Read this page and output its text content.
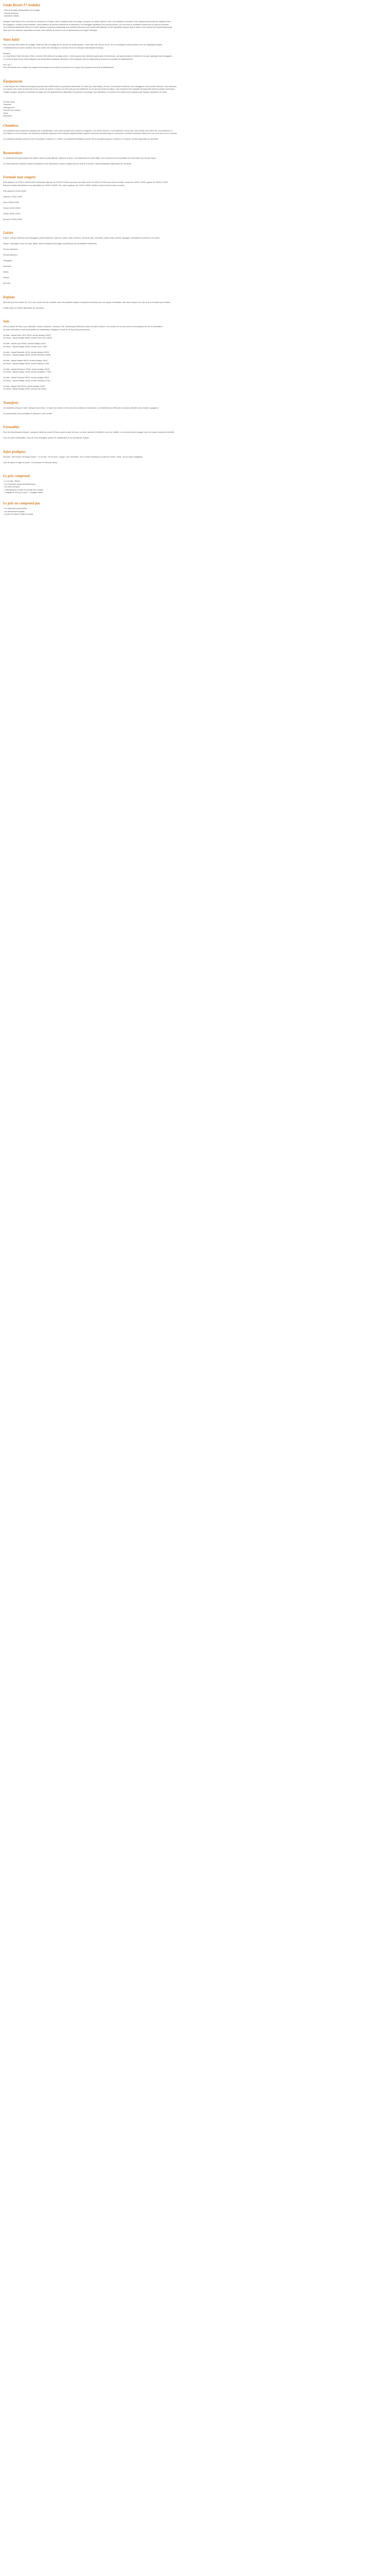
Linda Resort 5* Andalya
- Pied de la plage (débarcadère) sur la plage
- Piscine intérieure
- Animation enfants
Andalya Linda Resort est un bel hôtel de vacances en Turquie, situé à quelques pas de la plage. Il propose de vastes espaces verts, une ambiance conviviale et des équipements modernes adaptés à tous
les voyageurs, couples comme familles. Vous profiterez de piscines extérieures et intérieures, d'un toboggan aquatique pour les plus jeunes, d'un mini club et d'activités variées tout au long de la journée.
Les chambres spacieuses offrent un confort optimal et plusieurs restaurants vous invitent à découvrir une cuisine internationale et des spécialités turques dans le cadre d'une formule tout compris généreuse.
Idéal pour des vacances reposantes au soleil, entre détente au bord de l'eau et découvertes de la région d'Antalya.
Votre hôtel
Situé à environ 800 mètres de la plage, l'hôtel est relié à la plage par un service de navette gratuit. L'hôtel offre une vue sur la mer, sur les montagnes environnantes et sur de magnifiques jardins.
L'établissement se trouve à environ 18 km du centre-ville d'Antalya et à environ 40 km de l'aéroport international d'Antalya.
Situation
Le Linda Resort Hotel est situé à Side, à environ 350 mètres de la plage privée. L'hôtel propose des chambres spacieuses et lumineuses, une grande piscine extérieure et un parc aquatique avec toboggans.
Le centre de Side et ses ruines antiques sont accessibles à quelques kilomètres. Des boutiques, bars et restaurants se trouvent à proximité de l'établissement.
Pour qui ?
Pour les familles avec enfants, les couples et les amateurs de soleil à la recherche d'un séjour tout compris au bord de la Méditerranée.
Équipements
L'hôtel dispose d'un restaurant principal proposant des buffets variés, de plusieurs restaurants à la carte (sur réservation), de bars, d'une piscine extérieure avec toboggans, d'une piscine intérieure, d'un hammam,
d'un sauna, d'un centre de bien-être et d'un centre de remise en forme. Un mini club pour les enfants de 4 à 12 ans est ouvert en saison. Une connexion Wi-Fi gratuite est disponible dans les parties communes.
Chaises longues, parasols et serviettes de plage sont mis gratuitement à disposition à la piscine et à la plage. Des animations en journée et en soirée sont proposées par l'équipe d'animation de l'hôtel.
Vol aller-retour
Transferts
Hébergement
Formule tout compris
Taxes
Assistance
Chambres
Les chambres sont modernes et équipées de la climatisation, d'une salle de bains avec douche ou baignoire, d'un sèche-cheveux, d'une télévision à écran plat, d'un minibar, d'un coffre-fort, d'un téléphone et
d'un balcon ou d'une terrasse. Les chambres familiales disposent d'une chambre supplémentaire séparée et peuvent accueillir jusqu'à 4 personnes. Certaines chambres offrent une vue sur la mer ou sur la piscine.
Les chambres standard d'environ 28 m² accueillent 2 adultes et 1 enfant. Les chambres familiales d'environ 38 m² accueillent jusqu'à 2 adultes et 2 enfants. Lit bébé disponible sur demande.
Restauration
Le restaurant principal propose des buffets variés au petit-déjeuner, déjeuner et dîner. Les restaurants à la carte italien, turc et poisson sont accessibles sur réservation une fois par séjour.
Les bars proposent boissons locales alcoolisées et non alcoolisées, snacks et glaces tout au long de la journée. Repas diététiques disponibles sur demande.
Formule tout compris
Petit-déjeuner de 07h00 à 10h00 buffet continental, déjeuner de 12h30 à 14h00 sous forme de buffet, dîner de 19h00 à 21h30 sous forme de buffet, snacks de 11h00 à 16h00, glaces de 15h00 à 17h00.
Boissons locales alcoolisées et non alcoolisées de 10h00 à 24h00. Thé, café et gâteaux de 17h00 à 18h00. Minibar rempli à l'arrivée (eau et sodas).
Petit-déjeuner 07h00-10h00
Déjeuner 12h30-14h00
Dîner 19h00-21h30
Snacks 11h00-16h00
Glaces 15h00-17h00
Boissons 10h00-24h00
Loisirs
Gratuit : piscine extérieure avec toboggans, piscine intérieure, bain turc, sauna, salle de fitness, tennis de table, fléchettes, beach-volley, aérobic, aquagym, animations en journée et en soirée.
Payant : massages, soins du corps, billard, sports nautiques (à la plage, proposés par des prestataires extérieurs).
Piscine extérieure
Piscine intérieure
Toboggans
Hammam
Sauna
Fitness
Mini club
Enfants
Mini club pour les enfants de 4 à 12 ans, ouvert de mai à octobre, avec des activités ludiques et sportives encadrées par une équipe d'animation. Mini disco chaque soir. Aire de jeux et bassin pour enfants.
Chaise haute et lit bébé disponibles sur demande.
Vols
Vols au départ de Paris, Lyon, Marseille, Nantes, Bordeaux, Toulouse, Lille, Strasbourg et Mulhouse selon les dates choisies. Les horaires de vol vous seront communiqués lors de la confirmation
de votre réservation et sont susceptibles de modifications. Bagage en soute de 20 kg inclus par personne.
Vol aller : départ Paris CDG 10h15, arrivée Antalya 15h20
Vol retour : départ Antalya 16h20, arrivée Paris CDG 18h45
Vol aller : départ Lyon 09h40, arrivée Antalya 14h20
Vol retour : départ Antalya 15h20, arrivée Lyon 17h55
Vol aller : départ Marseille 11h00, arrivée Antalya 15h30
Vol retour : départ Antalya 16h30, arrivée Marseille 18h55
Vol aller : départ Nantes 08h30, arrivée Antalya 14h10
Vol retour : départ Antalya 15h10, arrivée Nantes 17h55
Vol aller : départ Bordeaux 07h50, arrivée Antalya 13h25
Vol retour : départ Antalya 14h25, arrivée Bordeaux 17h05
Vol aller : départ Toulouse 08h20, arrivée Antalya 13h40
Vol retour : départ Antalya 14h40, arrivée Toulouse 17h10
Vol aller : départ Lille 09h10, arrivée Antalya 14h45
Vol retour : départ Antalya 15h45, arrivée Lille 18h20
Transferts
Les transferts aéroport / hôtel / aéroport sont inclus. Le trajet dure environ 1h30 selon les conditions de circulation. Les transferts sont effectués en autocar climatisé avec d'autres voyageurs.
Un représentant vous accueillera à l'aéroport à votre arrivée.
Formalités
Pour les ressortissants français : passeport valide au moins 150 jours après la date de retour ou carte nationale d'identité en cours de validité. Les mineurs doivent voyager avec leur propre document d'identité.
Pour les autres nationalités, merci de vous renseigner auprès de l'ambassade ou du consulat de Turquie.
Infos pratiques
Monnaie : livre turque. Décalage horaire : +1h en été, +2h en hiver. Langue : turc. Électricité : 220 V, prises identiques à celles de France. Santé : aucun vaccin obligatoire.
Taxe de séjour à régler sur place. Les animaux ne sont pas admis.
Le prix comprend
- Le vol aller / Retour
- Les Transferts aéroport/hôtel/aéroport
- Les taxes aéroport
- L'hébergement à l'hôtel en formule tout compris
- 1 bagage de 20 kg en soute + 1 bagage cabine
Le prix ne comprend pas
- Les dépenses personnelles
- Les assurances voyages
- La taxe de séjour à régler sur place
